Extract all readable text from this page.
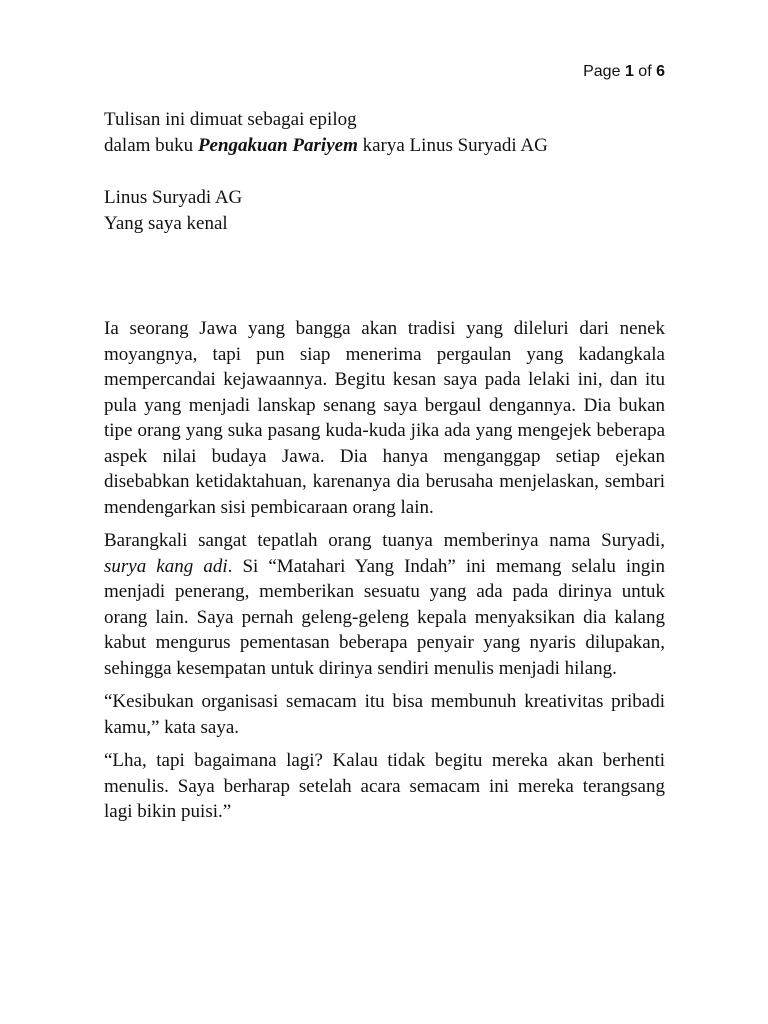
Page 1 of 6
Tulisan ini dimuat sebagai epilog
dalam buku Pengakuan Pariyem karya Linus Suryadi AG
Linus Suryadi AG
Yang saya kenal

Ia seorang Jawa yang bangga akan tradisi yang dileluri dari nenek moyangnya, tapi pun siap menerima pergaulan yang kadangkala mempercandai kejawaannya. Begitu kesan saya pada lelaki ini, dan itu pula yang menjadi lanskap senang saya bergaul dengannya. Dia bukan tipe orang yang suka pasang kuda-kuda jika ada yang mengejek beberapa aspek nilai budaya Jawa. Dia hanya menganggap setiap ejekan disebabkan ketidaktahuan, karenanya dia berusaha menjelaskan, sembari mendengarkan sisi pembicaraan orang lain.

Barangkali sangat tepatlah orang tuanya memberinya nama Suryadi, surya kang adi. Si “Matahari Yang Indah” ini memang selalu ingin menjadi penerang, memberikan sesuatu yang ada pada dirinya untuk orang lain. Saya pernah geleng-geleng kepala menyaksikan dia kalang kabut mengurus pementasan beberapa penyair yang nyaris dilupakan, sehingga kesempatan untuk dirinya sendiri menulis menjadi hilang.

“Kesibukan organisasi semacam itu bisa membunuh kreativitas pribadi kamu,” kata saya.

“Lha, tapi bagaimana lagi? Kalau tidak begitu mereka akan berhenti menulis. Saya berharap setelah acara semacam ini mereka terangsang lagi bikin puisi.”
